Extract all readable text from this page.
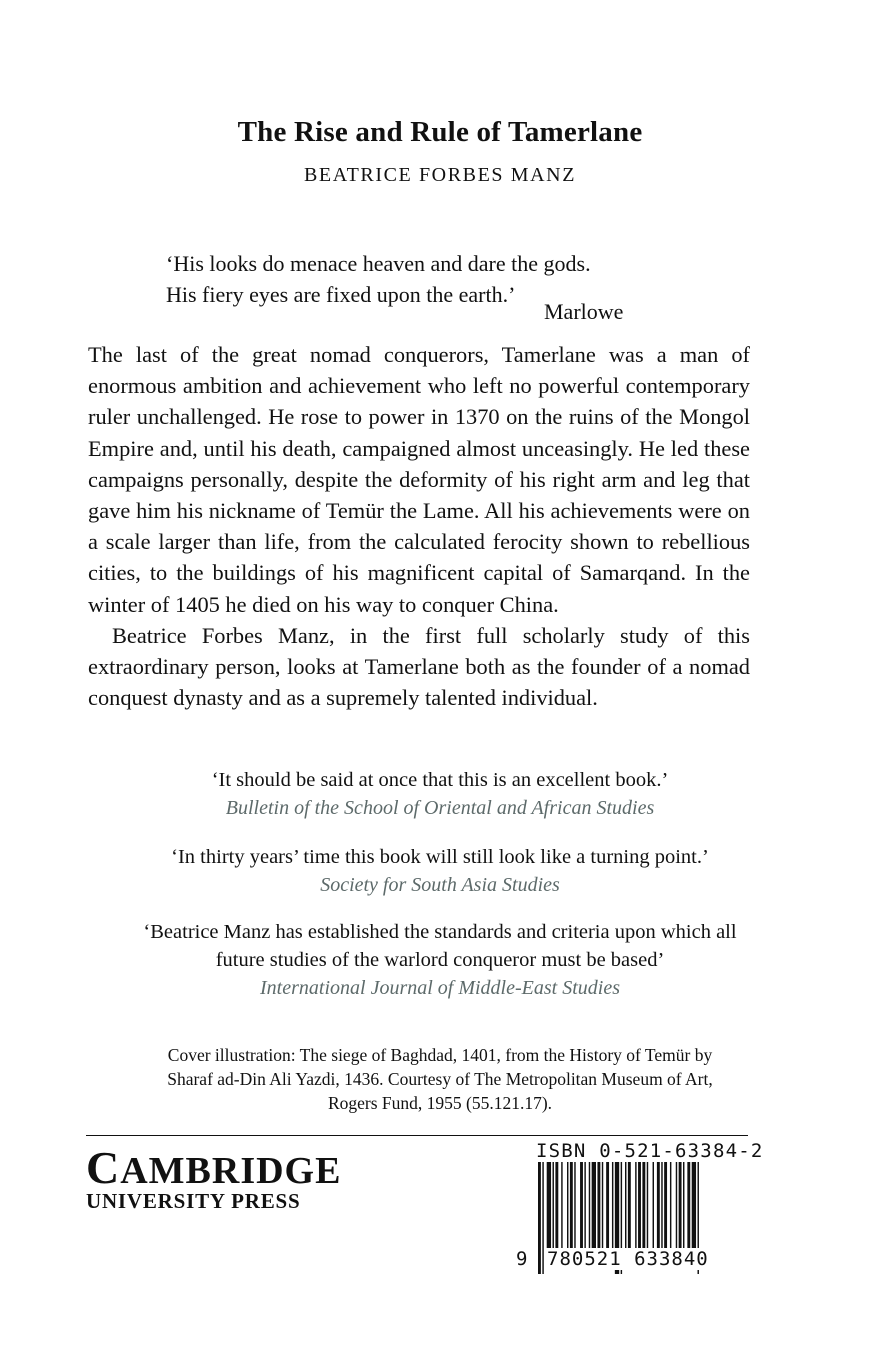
The Rise and Rule of Tamerlane
BEATRICE FORBES MANZ
‘His looks do menace heaven and dare the gods.
His fiery eyes are fixed upon the earth.’
Marlowe

The last of the great nomad conquerors, Tamerlane was a man of enormous ambition and achievement who left no powerful contemporary ruler unchallenged. He rose to power in 1370 on the ruins of the Mongol Empire and, until his death, campaigned almost unceasingly. He led these campaigns personally, despite the deformity of his right arm and leg that gave him his nickname of Temür the Lame. All his achievements were on a scale larger than life, from the calculated ferocity shown to rebellious cities, to the buildings of his magnificent capital of Samarqand. In the winter of 1405 he died on his way to conquer China.

Beatrice Forbes Manz, in the first full scholarly study of this extraordinary person, looks at Tamerlane both as the founder of a nomad conquest dynasty and as a supremely talented individual.

‘It should be said at once that this is an excellent book.’
Bulletin of the School of Oriental and African Studies
‘In thirty years’ time this book will still look like a turning point.’
Society for South Asia Studies
‘Beatrice Manz has established the standards and criteria upon which all future studies of the warlord conqueror must be based’
International Journal of Middle-East Studies
Cover illustration: The siege of Baghdad, 1401, from the History of Temür by
Sharaf ad-Din Ali Yazdi, 1436. Courtesy of The Metropolitan Museum of Art,
Rogers Fund, 1955 (55.121.17).
CAMBRIDGE
UNIVERSITY PRESS
ISBN 0-521-63384-2
9 780521 633840
